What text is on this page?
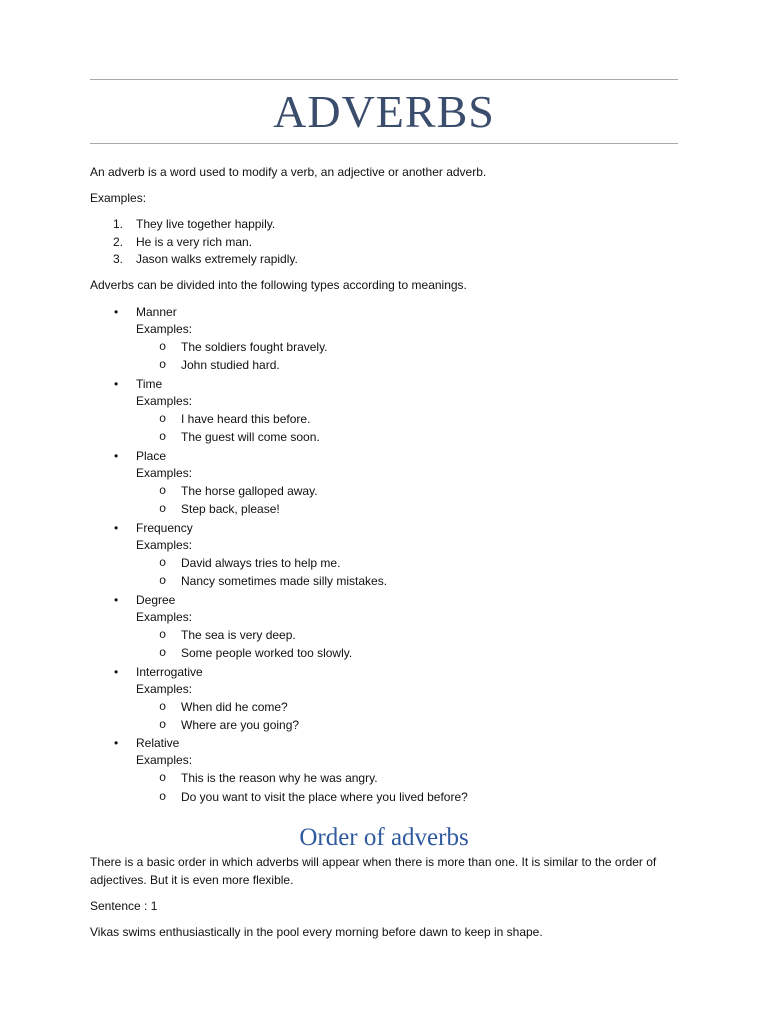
ADVERBS
An adverb is a word used to modify a verb, an adjective or another adverb.
Examples:
1. They live together happily.
2. He is a very rich man.
3. Jason walks extremely rapidly.
Adverbs can be divided into the following types according to meanings.
• Manner
Examples:
o The soldiers fought bravely.
o John studied hard.
• Time
Examples:
o I have heard this before.
o The guest will come soon.
• Place
Examples:
o The horse galloped away.
o Step back, please!
• Frequency
Examples:
o David always tries to help me.
o Nancy sometimes made silly mistakes.
• Degree
Examples:
o The sea is very deep.
o Some people worked too slowly.
• Interrogative
Examples:
o When did he come?
o Where are you going?
• Relative
Examples:
o This is the reason why he was angry.
o Do you want to visit the place where you lived before?
Order of adverbs
There is a basic order in which adverbs will appear when there is more than one. It is similar to the order of
adjectives. But it is even more flexible.
Sentence : 1
Vikas swims enthusiastically in the pool every morning before dawn to keep in shape.
